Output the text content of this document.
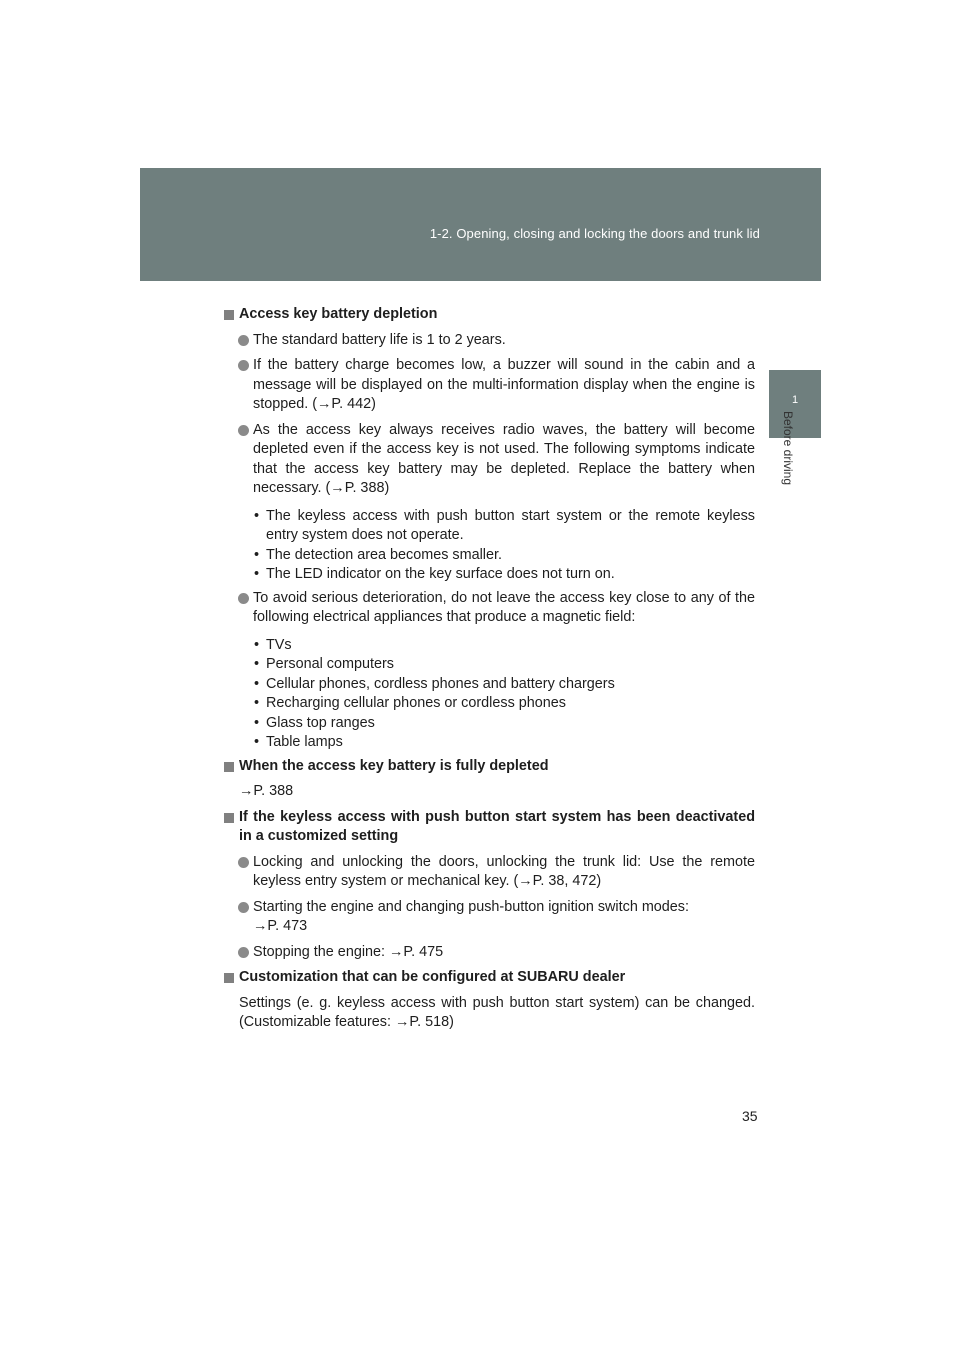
1-2. Opening, closing and locking the doors and trunk lid
1
Before driving
Access key battery depletion
The standard battery life is 1 to 2 years.
If the battery charge becomes low, a buzzer will sound in the cabin and a message will be displayed on the multi-information display when the engine is stopped. (→P. 442)
As the access key always receives radio waves, the battery will become depleted even if the access key is not used. The following symptoms indicate that the access key battery may be depleted. Replace the battery when necessary. (→P. 388)
• The keyless access with push button start system or the remote keyless entry system does not operate.
• The detection area becomes smaller.
• The LED indicator on the key surface does not turn on.
To avoid serious deterioration, do not leave the access key close to any of the following electrical appliances that produce a magnetic field:
• TVs
• Personal computers
• Cellular phones, cordless phones and battery chargers
• Recharging cellular phones or cordless phones
• Glass top ranges
• Table lamps
When the access key battery is fully depleted
→P. 388
If the keyless access with push button start system has been deactivated in a customized setting
Locking and unlocking the doors, unlocking the trunk lid: Use the remote keyless entry system or mechanical key. (→P. 38, 472)
Starting the engine and changing push-button ignition switch modes:
→P. 473
Stopping the engine: →P. 475
Customization that can be configured at SUBARU dealer
Settings (e. g. keyless access with push button start system) can be changed. (Customizable features: →P. 518)
35
